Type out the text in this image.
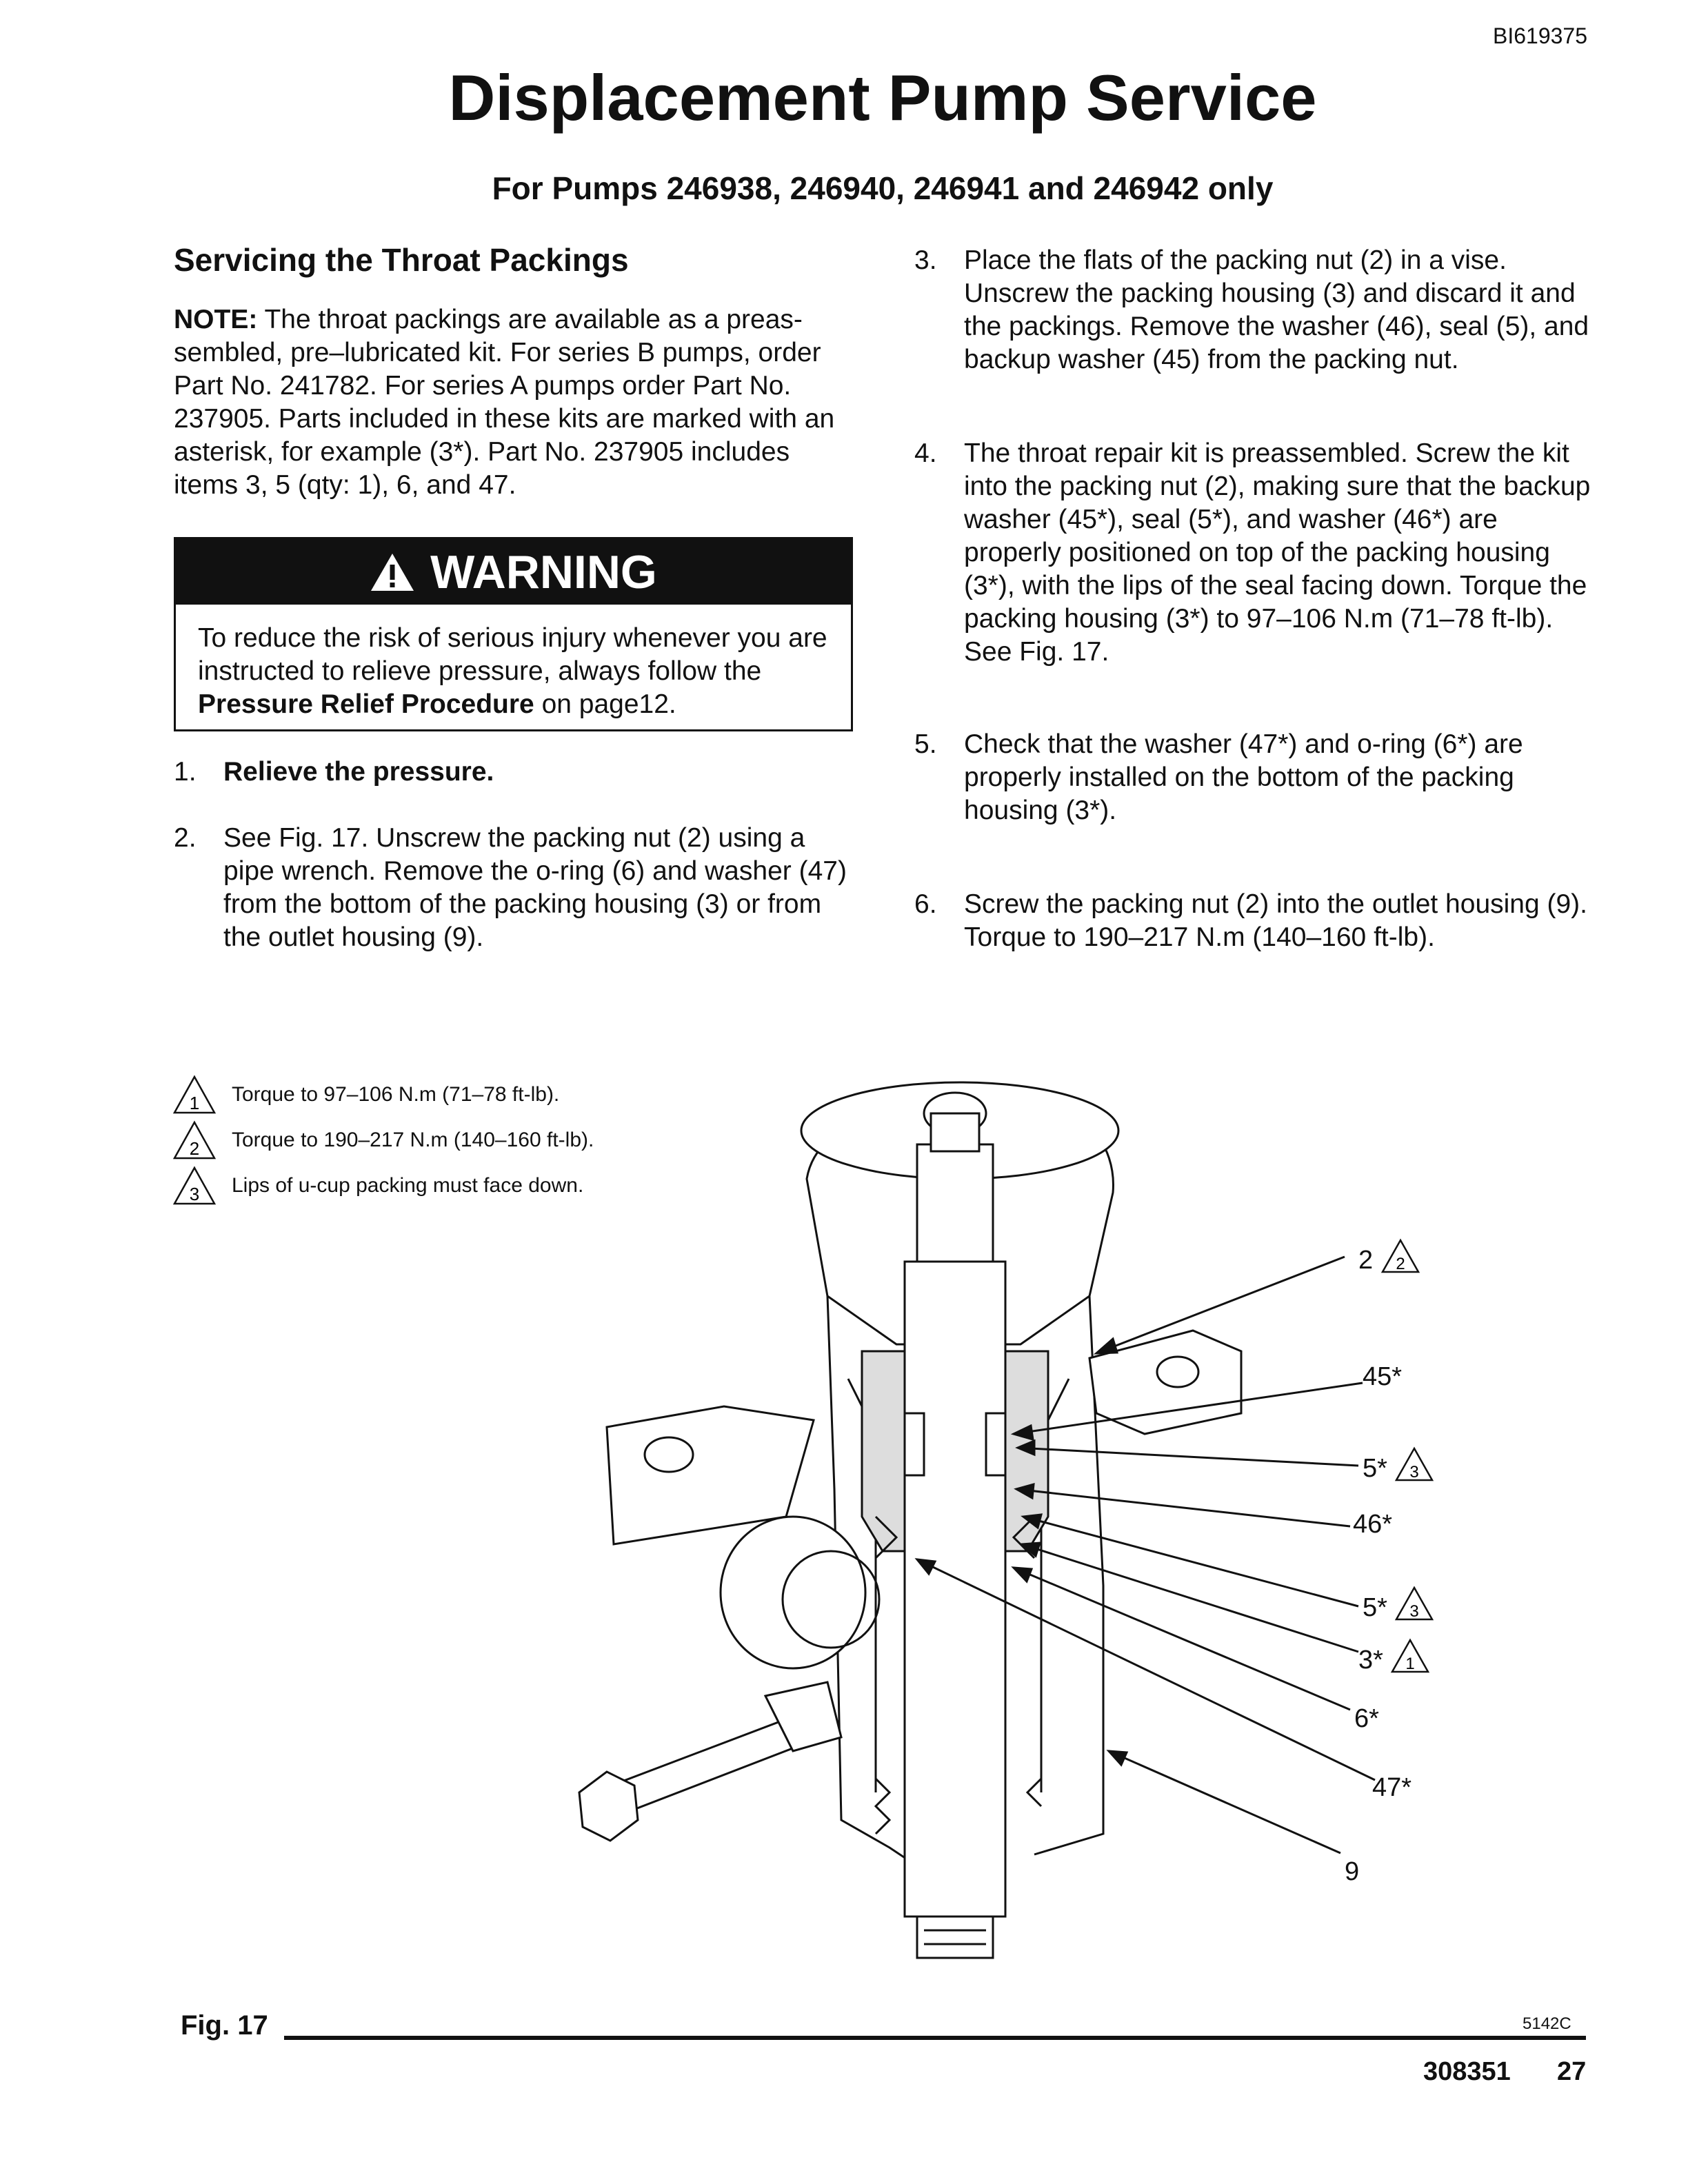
BI619375
Displacement Pump Service
For Pumps 246938, 246940, 246941 and 246942 only
Servicing the Throat Packings
NOTE: The throat packings are available as a preas-sembled, pre–lubricated kit. For series B pumps, order Part No. 241782. For series A pumps order Part No. 237905. Parts included in these kits are marked with an asterisk, for example (3*). Part No. 237905 includes items 3, 5 (qty: 1), 6, and 47.
WARNING
To reduce the risk of serious injury whenever you are instructed to relieve pressure, always follow the Pressure Relief Procedure on page12.
1. Relieve the pressure.
2. See Fig. 17. Unscrew the packing nut (2) using a pipe wrench. Remove the o-ring (6) and washer (47) from the bottom of the packing housing (3) or from the outlet housing (9).
3. Place the flats of the packing nut (2) in a vise. Unscrew the packing housing (3) and discard it and the packings. Remove the washer (46), seal (5), and backup washer (45) from the packing nut.
4. The throat repair kit is preassembled. Screw the kit into the packing nut (2), making sure that the backup washer (45*), seal (5*), and washer (46*) are properly positioned on top of the packing housing (3*), with the lips of the seal facing down. Torque the packing housing (3*) to 97–106 N.m (71–78 ft-lb). See Fig. 17.
5. Check that the washer (47*) and o-ring (6*) are properly installed on the bottom of the packing housing (3*).
6. Screw the packing nut (2) into the outlet housing (9). Torque to 190–217 N.m (140–160 ft-lb).
1 Torque to 97–106 N.m (71–78 ft-lb).
2 Torque to 190–217 N.m (140–160 ft-lb).
3 Lips of u-cup packing must face down.
2 2
45*
5* 3
46*
5* 3
3* 1
6*
47*
9
Fig. 17	5142C
308351 27
